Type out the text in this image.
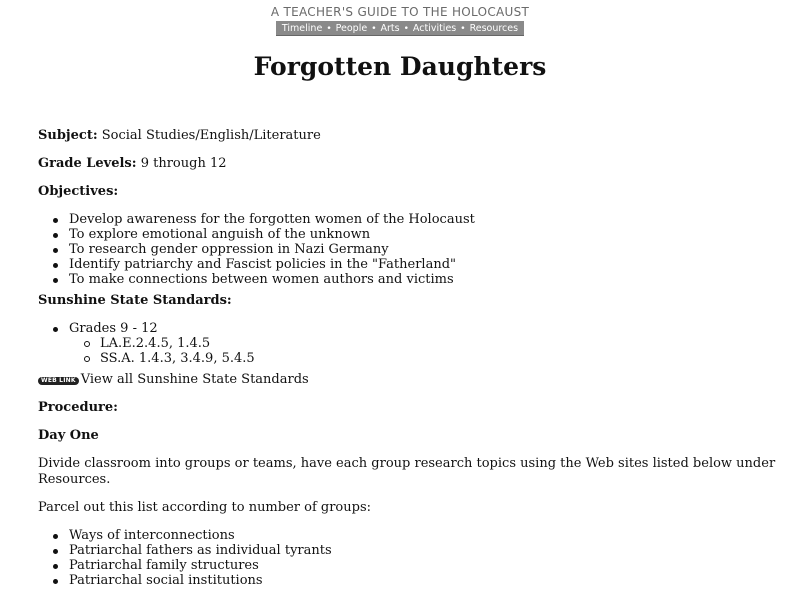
A TEACHER'S GUIDE TO THE HOLOCAUST
Timeline • People • Arts • Activities • Resources
Forgotten Daughters

Subject: Social Studies/English/Literature

Grade Levels: 9 through 12

Objectives:

Develop awareness for the forgotten women of the Holocaust
To explore emotional anguish of the unknown
To research gender oppression in Nazi Germany
Identify patriarchy and Fascist policies in the "Fatherland"
To make connections between women authors and victims

Sunshine State Standards:

Grades 9 - 12
LA.E.2.4.5, 1.4.5
SS.A. 1.4.3, 3.4.9, 5.4.5

WEB LINK View all Sunshine State Standards

Procedure:

Day One

Divide classroom into groups or teams, have each group research topics using the Web sites listed below under Resources.

Parcel out this list according to number of groups:

Ways of interconnections
Patriarchal fathers as individual tyrants
Patriarchal family structures
Patriarchal social institutions
